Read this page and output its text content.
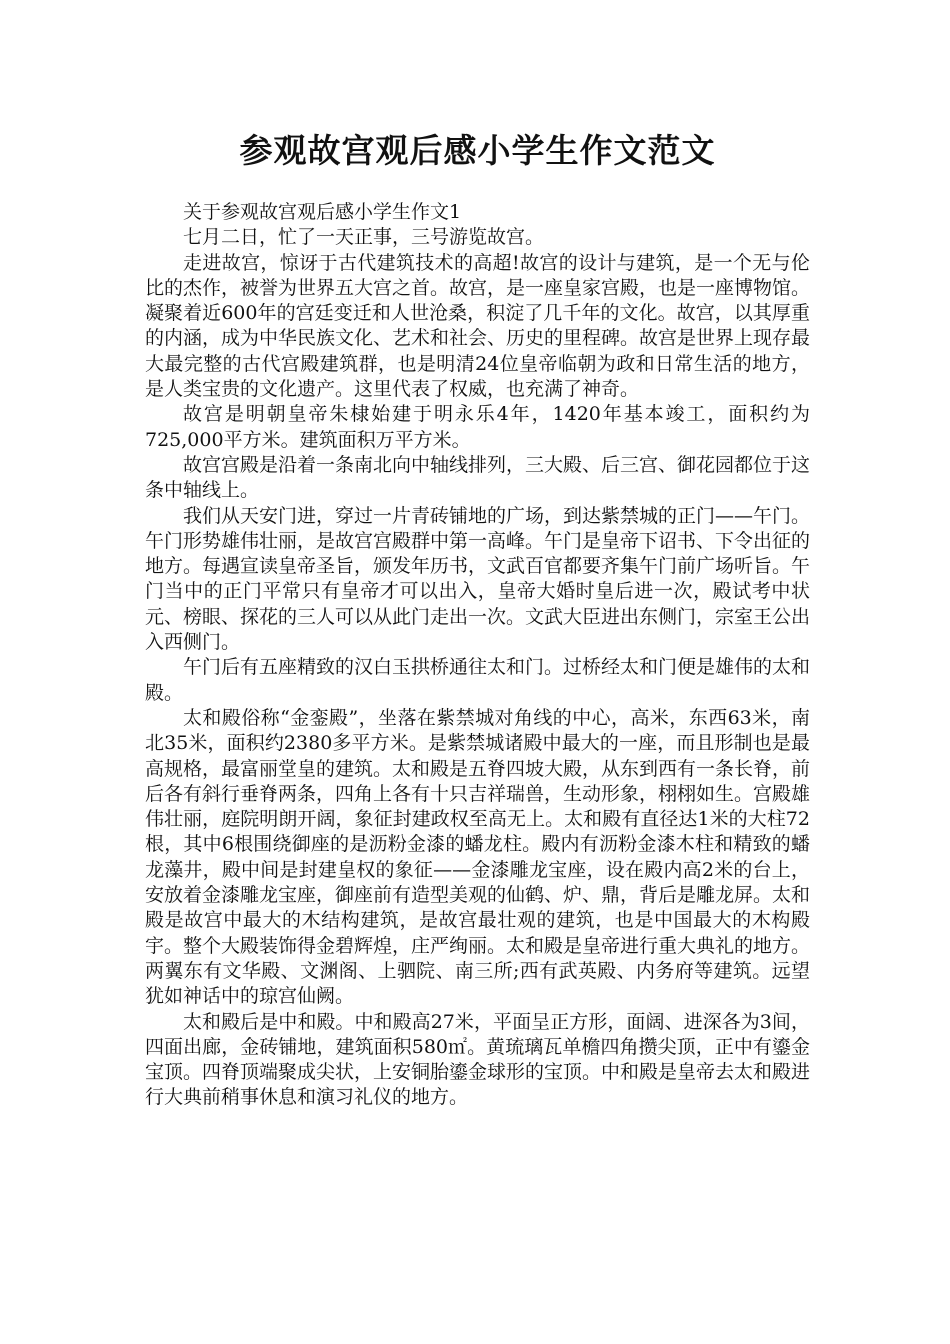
参观故宫观后感小学生作文范文

关于参观故宫观后感小学生作文1

七月二日，忙了一天正事，三号游览故宫。

走进故宫，惊讶于古代建筑技术的高超!故宫的设计与建筑，是一个无与伦比的杰作，被誉为世界五大宫之首。故宫，是一座皇家宫殿，也是一座博物馆。凝聚着近600年的宫廷变迁和人世沧桑，积淀了几千年的文化。故宫，以其厚重的内涵，成为中华民族文化、艺术和社会、历史的里程碑。故宫是世界上现存最大最完整的古代宫殿建筑群，也是明清24位皇帝临朝为政和日常生活的地方，是人类宝贵的文化遗产。这里代表了权威，也充满了神奇。

故宫是明朝皇帝朱棣始建于明永乐4年，1420年基本竣工，面积约为725,000平方米。建筑面积万平方米。

故宫宫殿是沿着一条南北向中轴线排列，三大殿、后三宫、御花园都位于这条中轴线上。

我们从天安门进，穿过一片青砖铺地的广场，到达紫禁城的正门——午门。午门形势雄伟壮丽，是故宫宫殿群中第一高峰。午门是皇帝下诏书、下令出征的地方。每遇宣读皇帝圣旨，颁发年历书，文武百官都要齐集午门前广场听旨。午门当中的正门平常只有皇帝才可以出入，皇帝大婚时皇后进一次，殿试考中状元、榜眼、探花的三人可以从此门走出一次。文武大臣进出东侧门，宗室王公出入西侧门。

午门后有五座精致的汉白玉拱桥通往太和门。过桥经太和门便是雄伟的太和殿。

太和殿俗称“金銮殿”，坐落在紫禁城对角线的中心，高米，东西63米，南北35米，面积约2380多平方米。是紫禁城诸殿中最大的一座，而且形制也是最高规格，最富丽堂皇的建筑。太和殿是五脊四坡大殿，从东到西有一条长脊，前后各有斜行垂脊两条，四角上各有十只吉祥瑞兽，生动形象，栩栩如生。宫殿雄伟壮丽，庭院明朗开阔，象征封建政权至高无上。太和殿有直径达1米的大柱72根，其中6根围绕御座的是沥粉金漆的蟠龙柱。殿内有沥粉金漆木柱和精致的蟠龙藻井，殿中间是封建皇权的象征——金漆雕龙宝座，设在殿内高2米的台上，安放着金漆雕龙宝座，御座前有造型美观的仙鹤、炉、鼎，背后是雕龙屏。太和殿是故宫中最大的木结构建筑，是故宫最壮观的建筑，也是中国最大的木构殿宇。整个大殿装饰得金碧辉煌，庄严绚丽。太和殿是皇帝进行重大典礼的地方。两翼东有文华殿、文渊阁、上驷院、南三所;西有武英殿、内务府等建筑。远望犹如神话中的琼宫仙阙。

太和殿后是中和殿。中和殿高27米，平面呈正方形，面阔、进深各为3间，四面出廊，金砖铺地，建筑面积580㎡。黄琉璃瓦单檐四角攒尖顶，正中有鎏金宝顶。四脊顶端聚成尖状，上安铜胎鎏金球形的宝顶。中和殿是皇帝去太和殿进行大典前稍事休息和演习礼仪的地方。
